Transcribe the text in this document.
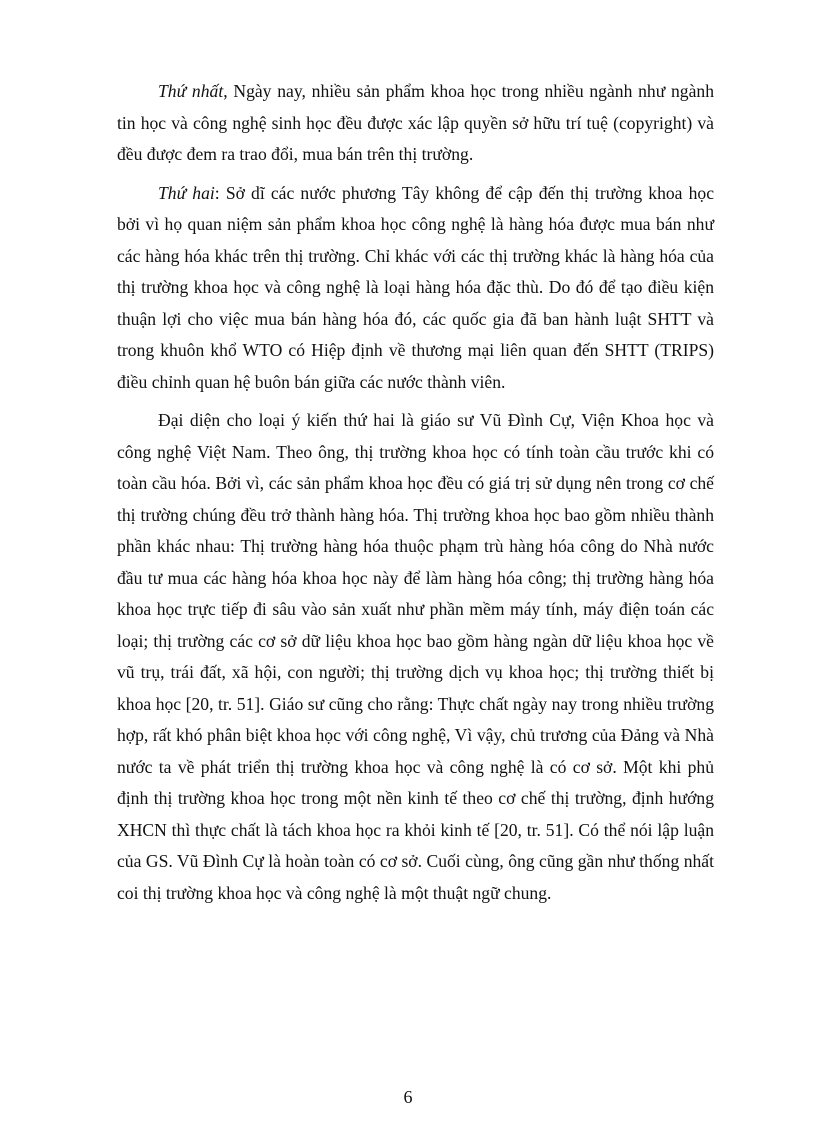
Thứ nhất, Ngày nay, nhiều sản phẩm khoa học trong nhiều ngành như ngành tin học và công nghệ sinh học đều được xác lập quyền sở hữu trí tuệ (copyright) và đều được đem ra trao đổi, mua bán trên thị trường.

Thứ hai: Sở dĩ các nước phương Tây không để cập đến thị trường khoa học bởi vì họ quan niệm sản phẩm khoa học công nghệ là hàng hóa được mua bán như các hàng hóa khác trên thị trường. Chỉ khác với các thị trường khác là hàng hóa của thị trường khoa học và công nghệ là loại hàng hóa đặc thù. Do đó để tạo điều kiện thuận lợi cho việc mua bán hàng hóa đó, các quốc gia đã ban hành luật SHTT và trong khuôn khổ WTO có Hiệp định về thương mại liên quan đến SHTT (TRIPS) điều chỉnh quan hệ buôn bán giữa các nước thành viên.

Đại diện cho loại ý kiến thứ hai là giáo sư Vũ Đình Cự, Viện Khoa học và công nghệ Việt Nam. Theo ông, thị trường khoa học có tính toàn cầu trước khi có toàn cầu hóa. Bởi vì, các sản phẩm khoa học đều có giá trị sử dụng nên trong cơ chế thị trường chúng đều trở thành hàng hóa. Thị trường khoa học bao gồm nhiều thành phần khác nhau: Thị trường hàng hóa thuộc phạm trù hàng hóa công do Nhà nước đầu tư mua các hàng hóa khoa học này để làm hàng hóa công; thị trường hàng hóa khoa học trực tiếp đi sâu vào sản xuất như phần mềm máy tính, máy điện toán các loại; thị trường các cơ sở dữ liệu khoa học bao gồm hàng ngàn dữ liệu khoa học về vũ trụ, trái đất, xã hội, con người; thị trường dịch vụ khoa học; thị trường thiết bị khoa học [20, tr. 51]. Giáo sư cũng cho rằng: Thực chất ngày nay trong nhiều trường hợp, rất khó phân biệt khoa học với công nghệ, Vì vậy, chủ trương của Đảng và Nhà nước ta về phát triển thị trường khoa học và công nghệ là có cơ sở. Một khi phủ định thị trường khoa học trong một nền kinh tế theo cơ chế thị trường, định hướng XHCN thì thực chất là tách khoa học ra khỏi kinh tế [20, tr. 51]. Có thể nói lập luận của GS. Vũ Đình Cự là hoàn toàn có cơ sở. Cuối cùng, ông cũng gần như thống nhất coi thị trường khoa học và công nghệ là một thuật ngữ chung.

6
